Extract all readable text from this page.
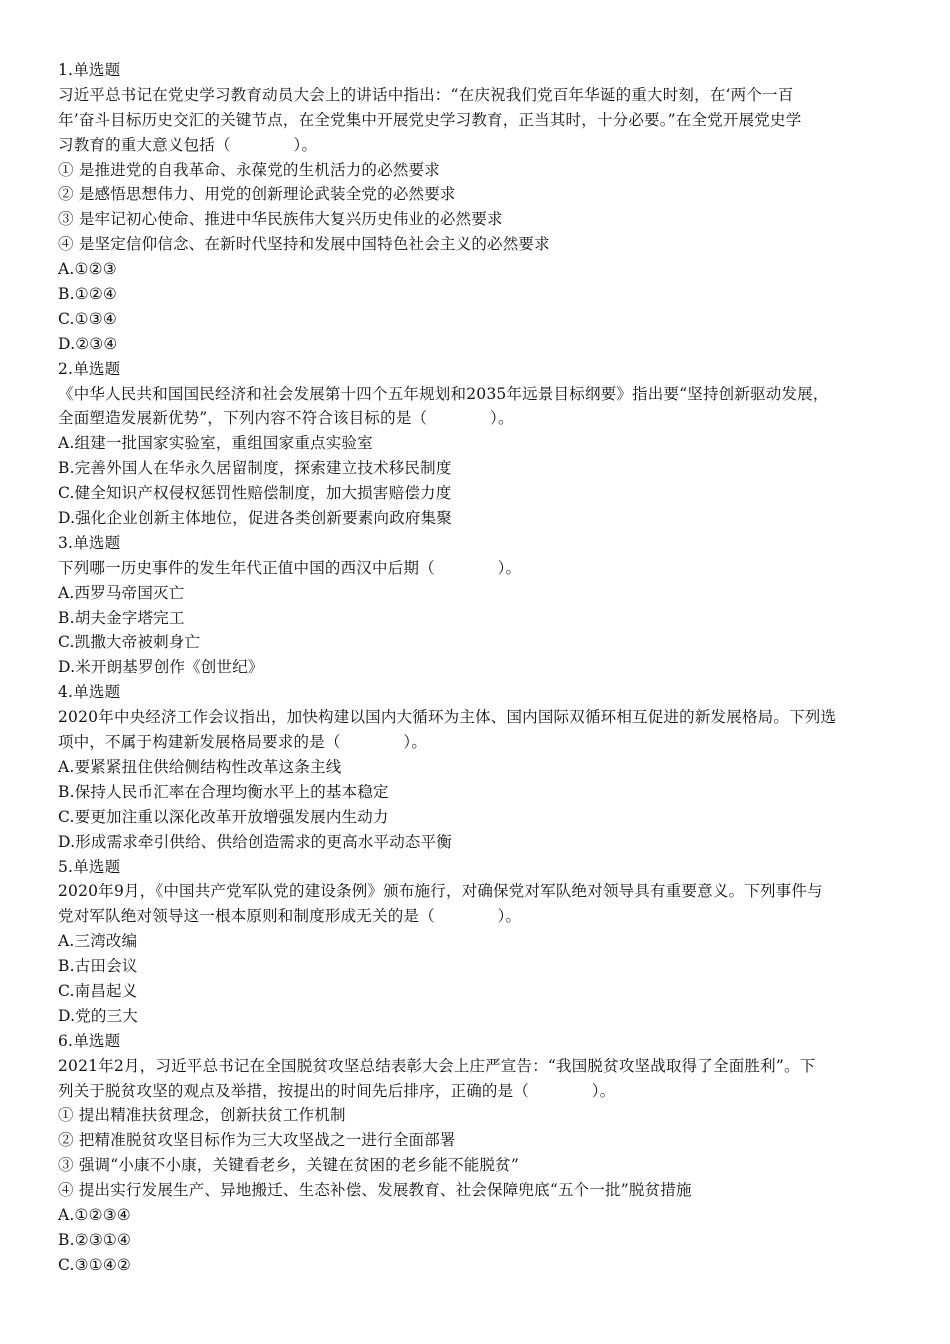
1.单选题
习近平总书记在党史学习教育动员大会上的讲话中指出：“在庆祝我们党百年华诞的重大时刻，在‘两个一百
年’奋斗目标历史交汇的关键节点，在全党集中开展党史学习教育，正当其时，十分必要。”在全党开展党史学
习教育的重大意义包括（　　　　）。
① 是推进党的自我革命、永葆党的生机活力的必然要求
② 是感悟思想伟力、用党的创新理论武装全党的必然要求
③ 是牢记初心使命、推进中华民族伟大复兴历史伟业的必然要求
④ 是坚定信仰信念、在新时代坚持和发展中国特色社会主义的必然要求
A.①②③
B.①②④
C.①③④
D.②③④
2.单选题
《中华人民共和国国民经济和社会发展第十四个五年规划和2035年远景目标纲要》指出要“坚持创新驱动发展，
全面塑造发展新优势”，下列内容不符合该目标的是（　　　　）。
A.组建一批国家实验室，重组国家重点实验室
B.完善外国人在华永久居留制度，探索建立技术移民制度
C.健全知识产权侵权惩罚性赔偿制度，加大损害赔偿力度
D.强化企业创新主体地位，促进各类创新要素向政府集聚
3.单选题
下列哪一历史事件的发生年代正值中国的西汉中后期（　　　　）。
A.西罗马帝国灭亡
B.胡夫金字塔完工
C.凯撒大帝被刺身亡
D.米开朗基罗创作《创世纪》
4.单选题
2020年中央经济工作会议指出，加快构建以国内大循环为主体、国内国际双循环相互促进的新发展格局。下列选
项中，不属于构建新发展格局要求的是（　　　　）。
A.要紧紧扭住供给侧结构性改革这条主线
B.保持人民币汇率在合理均衡水平上的基本稳定
C.要更加注重以深化改革开放增强发展内生动力
D.形成需求牵引供给、供给创造需求的更高水平动态平衡
5.单选题
2020年9月，《中国共产党军队党的建设条例》颁布施行，对确保党对军队绝对领导具有重要意义。下列事件与
党对军队绝对领导这一根本原则和制度形成无关的是（　　　　）。
A.三湾改编
B.古田会议
C.南昌起义
D.党的三大
6.单选题
2021年2月，习近平总书记在全国脱贫攻坚总结表彰大会上庄严宣告：“我国脱贫攻坚战取得了全面胜利”。下
列关于脱贫攻坚的观点及举措，按提出的时间先后排序，正确的是（　　　　）。
① 提出精准扶贫理念，创新扶贫工作机制
② 把精准脱贫攻坚目标作为三大攻坚战之一进行全面部署
③ 强调“小康不小康，关键看老乡，关键在贫困的老乡能不能脱贫”
④ 提出实行发展生产、异地搬迁、生态补偿、发展教育、社会保障兜底“五个一批”脱贫措施
A.①②③④
B.②③①④
C.③①④②
